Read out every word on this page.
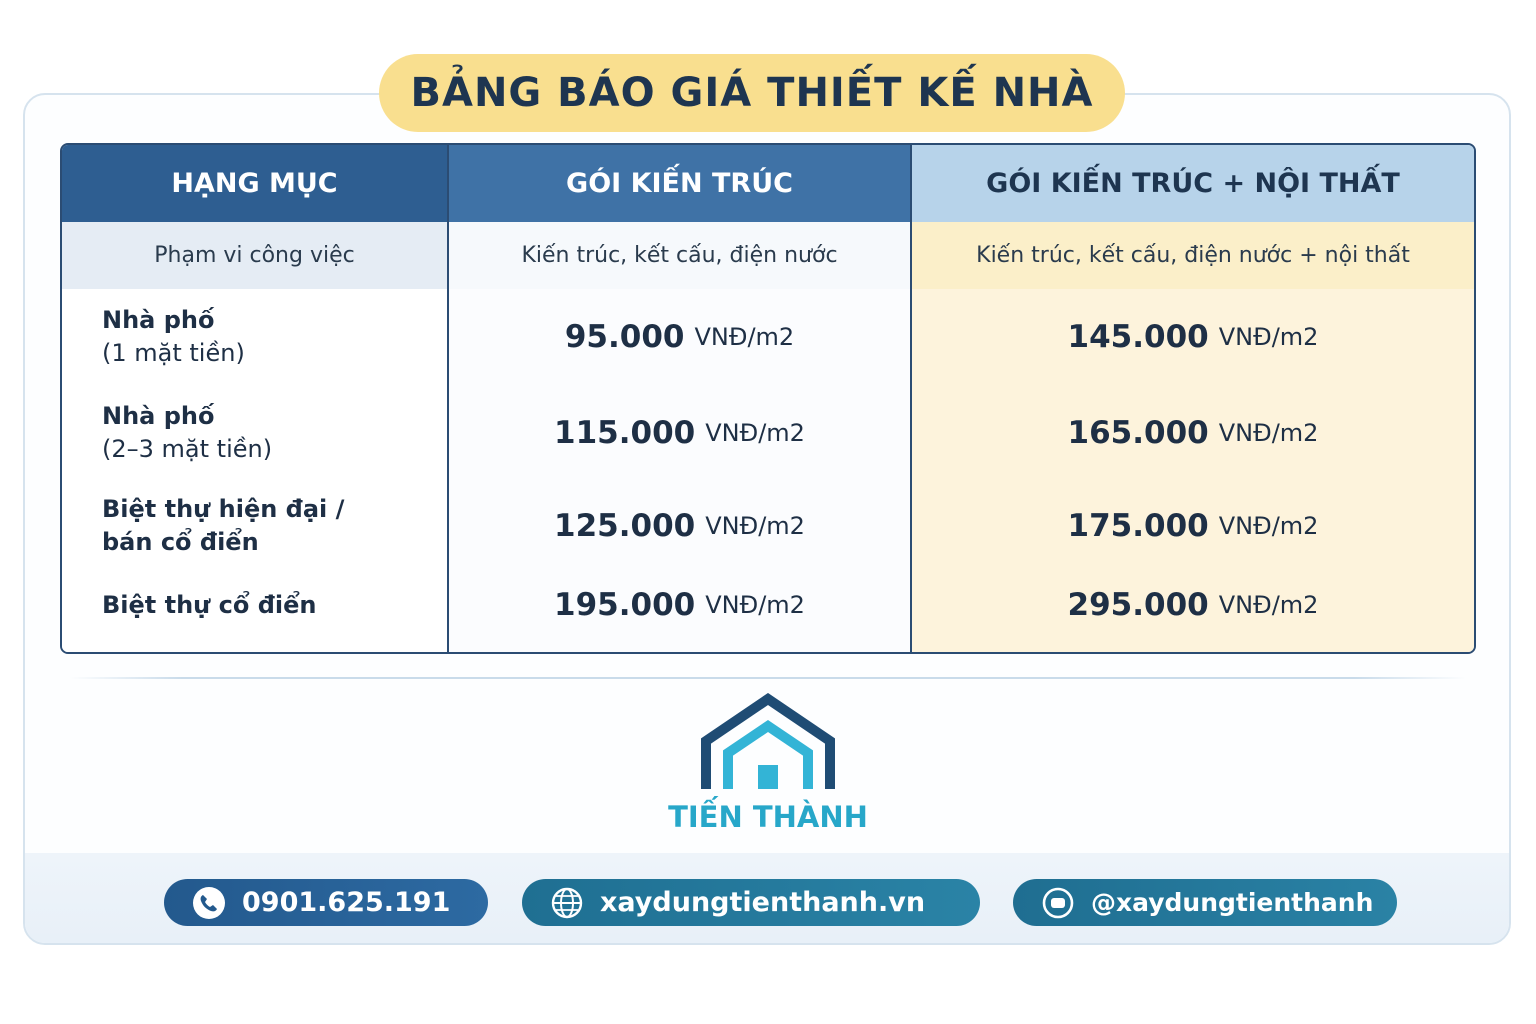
BẢNG BÁO GIÁ THIẾT KẾ NHÀ
HẠNG MỤC	GÓI KIẾN TRÚC	GÓI KIẾN TRÚC + NỘI THẤT
Phạm vi công việc	Kiến trúc, kết cấu, điện nước	Kiến trúc, kết cấu, điện nước + nội thất
Nhà phố
(1 mặt tiền)	95.000 VNĐ/m2	145.000 VNĐ/m2
Nhà phố
(2–3 mặt tiền)	115.000 VNĐ/m2	165.000 VNĐ/m2
Biệt thự hiện đại /
bán cổ điển	125.000 VNĐ/m2	175.000 VNĐ/m2
Biệt thự cổ điển	195.000 VNĐ/m2	295.000 VNĐ/m2
TIẾN THÀNH
0901.625.191	xaydungtienthanh.vn	@xaydungtienthanh
